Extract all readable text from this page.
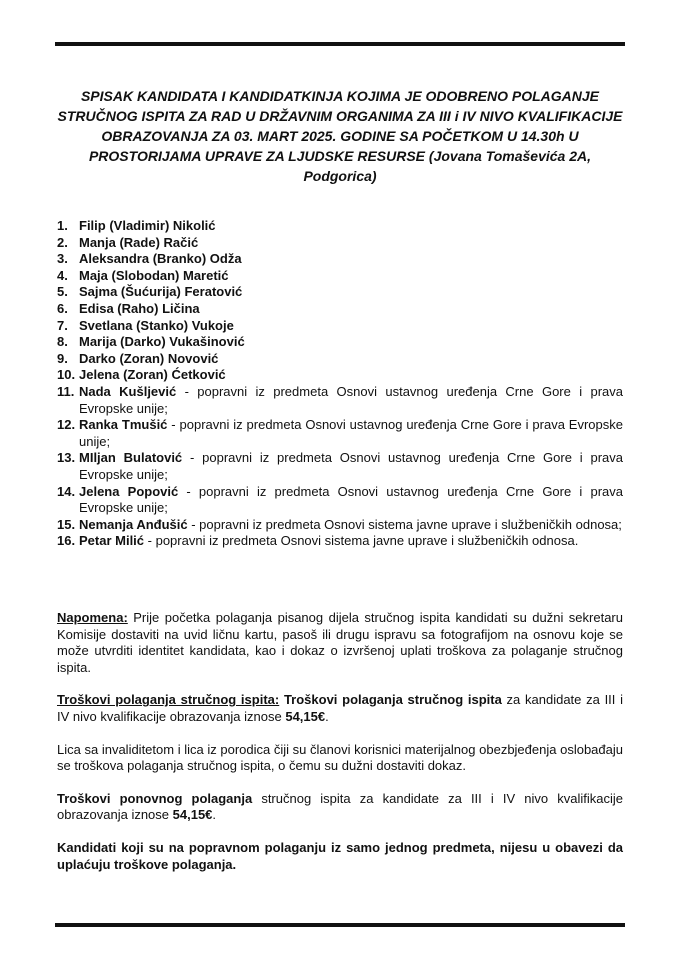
SPISAK KANDIDATA I KANDIDATKINJA KOJIMA JE ODOBRENO POLAGANJE STRUČNOG ISPITA ZA RAD U DRŽAVNIM ORGANIMA ZA III i IV NIVO KVALIFIKACIJE OBRAZOVANJA ZA 03. MART 2025. GODINE SA POČETKOM U 14.30h U PROSTORIJAMA UPRAVE ZA LJUDSKE RESURSE (Jovana Tomaševića 2A, Podgorica)
1. Filip (Vladimir) Nikolić
2. Manja (Rade) Račić
3. Aleksandra (Branko) Odža
4. Maja (Slobodan) Maretić
5. Sajma (Šućurija) Feratović
6. Edisa (Raho) Ličina
7. Svetlana (Stanko) Vukoje
8. Marija (Darko) Vukašinović
9. Darko (Zoran) Novović
10. Jelena (Zoran) Ćetković
11. Nada Kušljević - popravni iz predmeta Osnovi ustavnog uređenja Crne Gore i prava Evropske unije;
12. Ranka Tmušić - popravni iz predmeta Osnovi ustavnog uređenja Crne Gore i prava Evropske unije;
13. MIljan Bulatović - popravni iz predmeta Osnovi ustavnog uređenja Crne Gore i prava Evropske unije;
14. Jelena Popović - popravni iz predmeta Osnovi ustavnog uređenja Crne Gore i prava Evropske unije;
15. Nemanja Anđušić - popravni iz predmeta Osnovi sistema javne uprave i službeničkih odnosa;
16. Petar Milić - popravni iz predmeta Osnovi sistema javne uprave i službeničkih odnosa.

Napomena: Prije početka polaganja pisanog dijela stručnog ispita kandidati su dužni sekretaru Komisije dostaviti na uvid ličnu kartu, pasoš ili drugu ispravu sa fotografijom na osnovu koje se može utvrditi identitet kandidata, kao i dokaz o izvršenoj uplati troškova za polaganje stručnog ispita.

Troškovi polaganja stručnog ispita: Troškovi polaganja stručnog ispita za kandidate za III i IV nivo kvalifikacije obrazovanja iznose 54,15€.

Lica sa invaliditetom i lica iz porodica čiji su članovi korisnici materijalnog obezbjeđenja oslobađaju se troškova polaganja stručnog ispita, o čemu su dužni dostaviti dokaz.

Troškovi ponovnog polaganja stručnog ispita za kandidate za III i IV nivo kvalifikacije obrazovanja iznose 54,15€.

Kandidati koji su na popravnom polaganju iz samo jednog predmeta, nijesu u obavezi da uplaćuju troškove polaganja.
